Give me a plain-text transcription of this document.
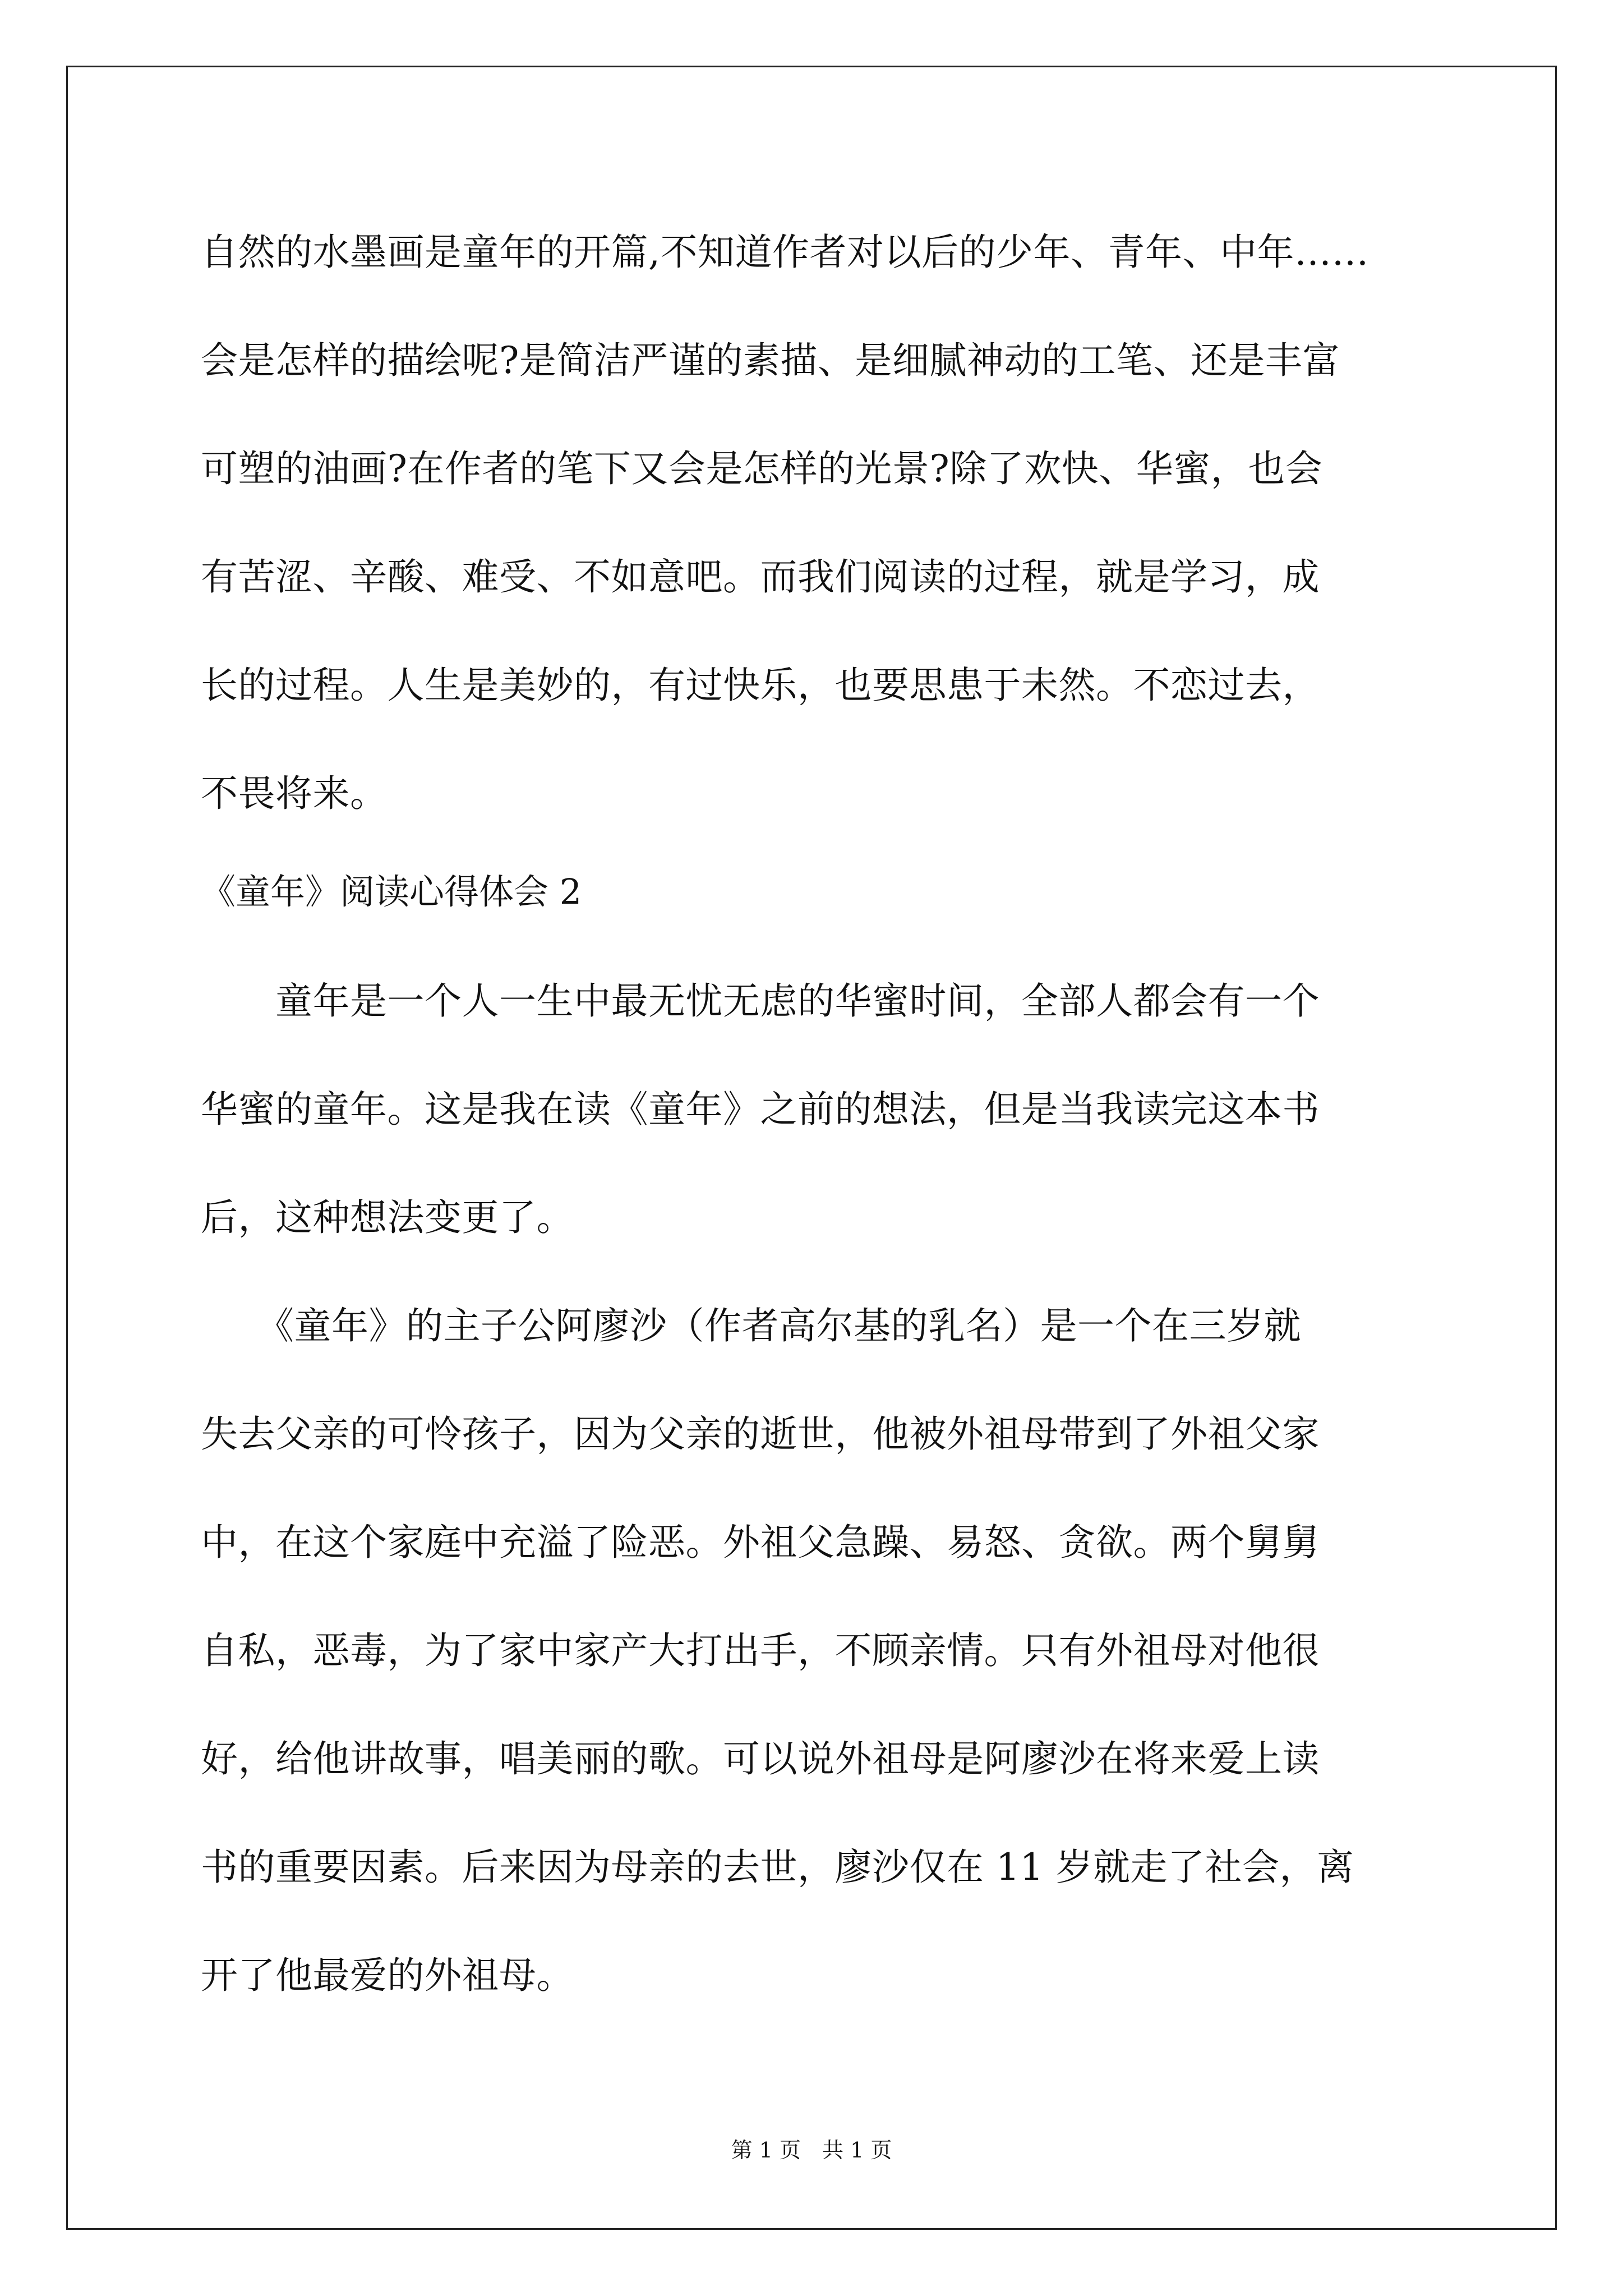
自然的水墨画是童年的开篇,不知道作者对以后的少年、青年、中年……
会是怎样的描绘呢?是简洁严谨的素描、是细腻神动的工笔、还是丰富
可塑的油画?在作者的笔下又会是怎样的光景?除了欢快、华蜜，也会
有苦涩、辛酸、难受、不如意吧。而我们阅读的过程，就是学习，成
长的过程。人生是美妙的，有过快乐，也要思患于未然。不恋过去，
不畏将来。
《童年》阅读心得体会 2
　　童年是一个人一生中最无忧无虑的华蜜时间，全部人都会有一个
华蜜的童年。这是我在读《童年》之前的想法，但是当我读完这本书
后，这种想法变更了。
　　《童年》的主子公阿廖沙（作者高尔基的乳名）是一个在三岁就
失去父亲的可怜孩子，因为父亲的逝世，他被外祖母带到了外祖父家
中，在这个家庭中充溢了险恶。外祖父急躁、易怒、贪欲。两个舅舅
自私，恶毒，为了家中家产大打出手，不顾亲情。只有外祖母对他很
好，给他讲故事，唱美丽的歌。可以说外祖母是阿廖沙在将来爱上读
书的重要因素。后来因为母亲的去世，廖沙仅在 11 岁就走了社会，离
开了他最爱的外祖母。
第 1 页　共 1 页
